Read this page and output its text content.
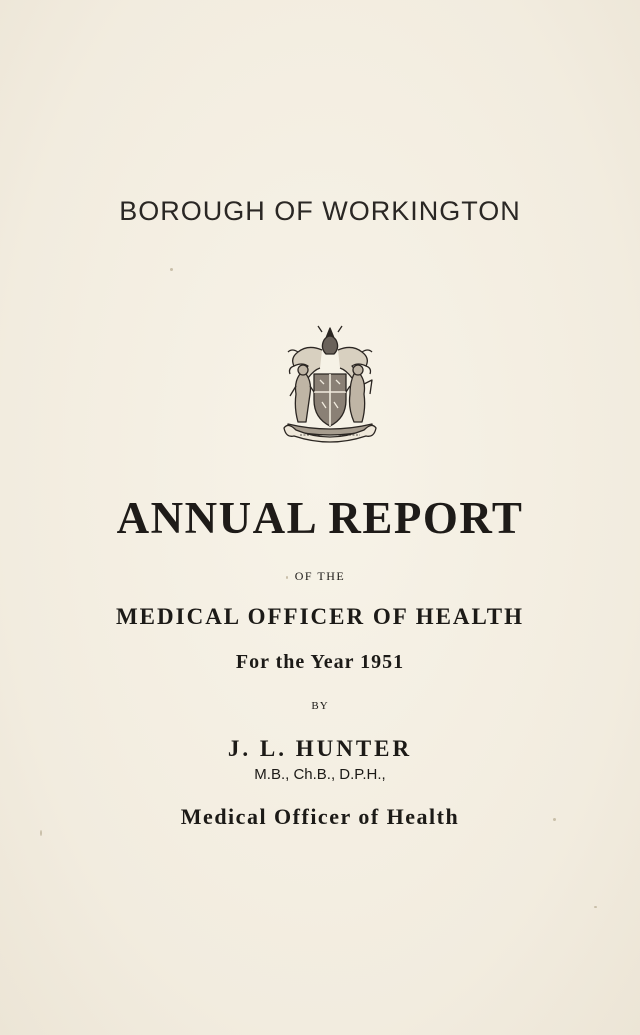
BOROUGH OF WORKINGTON
ANNUAL REPORT
OF THE
MEDICAL OFFICER OF HEALTH
For the Year 1951
BY
J. L. HUNTER
M.B., Ch.B., D.P.H.,
Medical Officer of Health
